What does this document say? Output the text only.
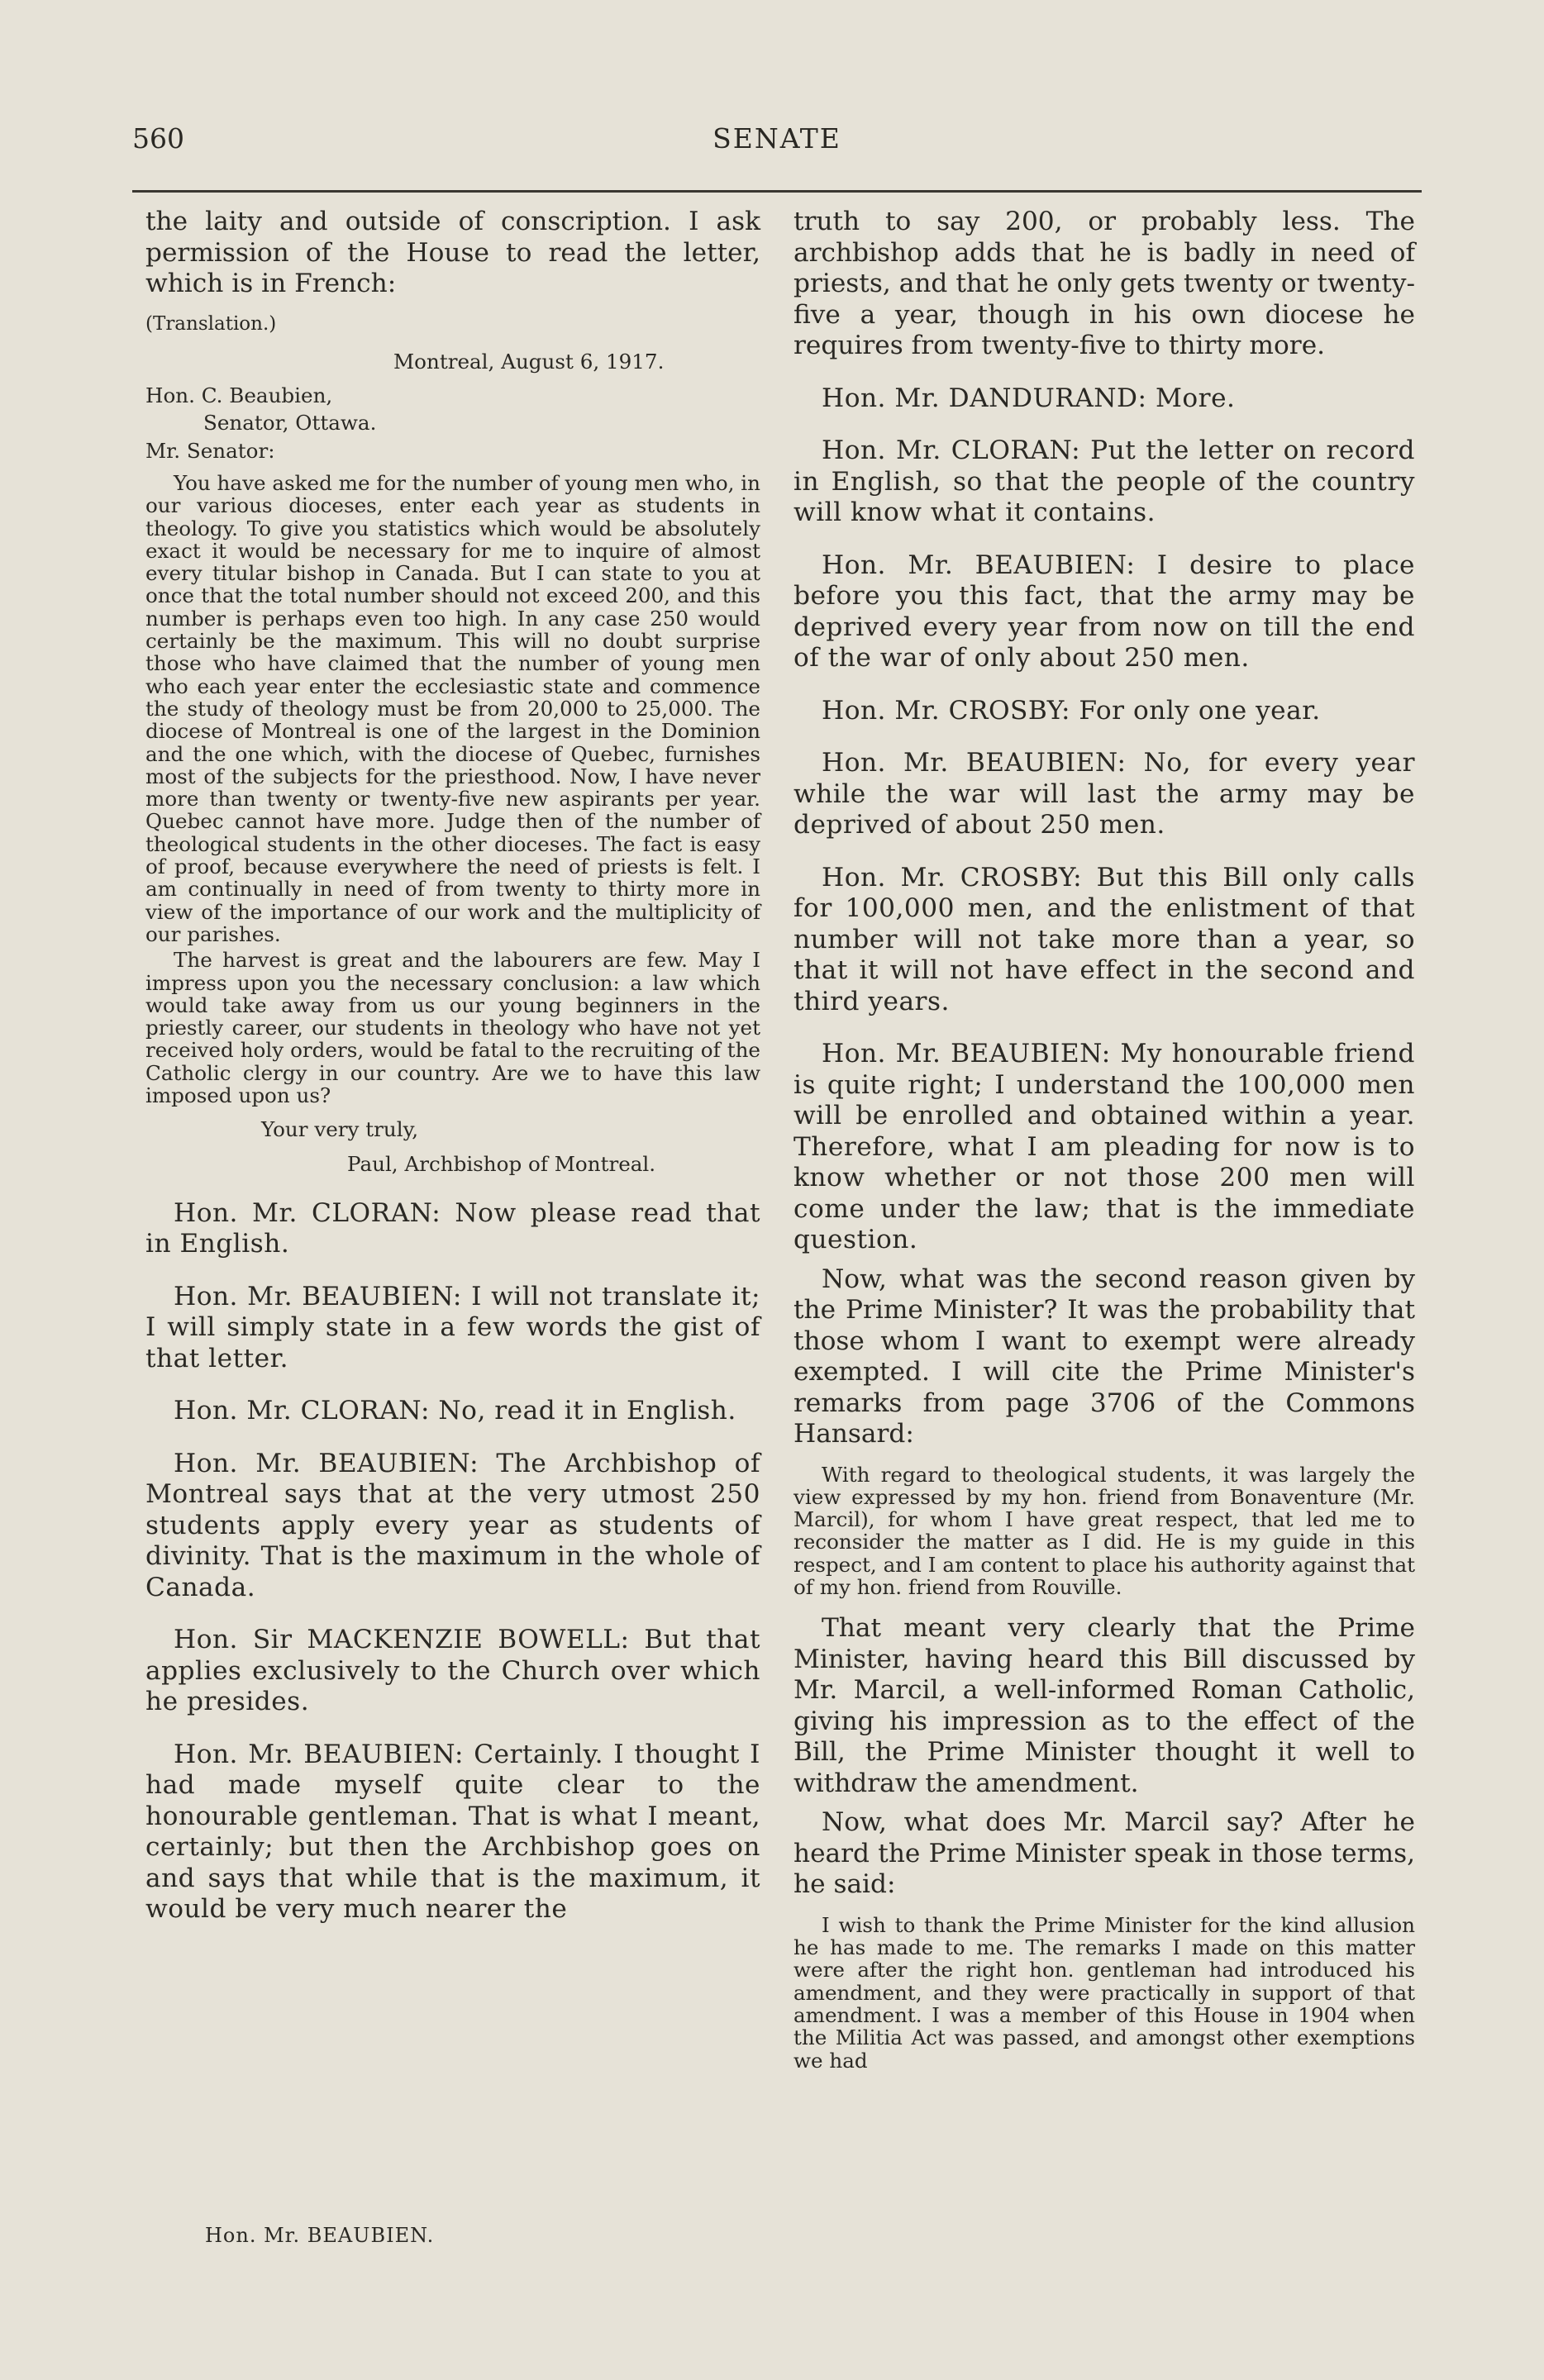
560	SENATE

the laity and outside of conscription. I ask permission of the House to read the letter, which is in French:

(Translation.)

Montreal, August 6, 1917.

Hon. C. Beaubien,

Senator, Ottawa.

Mr. Senator:

You have asked me for the number of young men who, in our various dioceses, enter each year as students in theology. To give you statistics which would be absolutely exact it would be necessary for me to inquire of almost every titular bishop in Canada. But I can state to you at once that the total number should not exceed 200, and this number is perhaps even too high. In any case 250 would certainly be the maximum. This will no doubt surprise those who have claimed that the number of young men who each year enter the ecclesiastic state and commence the study of theology must be from 20,000 to 25,000. The diocese of Montreal is one of the largest in the Dominion and the one which, with the diocese of Quebec, furnishes most of the subjects for the priesthood. Now, I have never more than twenty or twenty-five new aspirants per year. Quebec cannot have more. Judge then of the number of theological students in the other dioceses. The fact is easy of proof, because everywhere the need of priests is felt. I am continually in need of from twenty to thirty more in view of the importance of our work and the multiplicity of our parishes.

The harvest is great and the labourers are few. May I impress upon you the necessary conclusion: a law which would take away from us our young beginners in the priestly career, our students in theology who have not yet received holy orders, would be fatal to the recruiting of the Catholic clergy in our country. Are we to have this law imposed upon us?

Your very truly,

Paul, Archbishop of Montreal.

Hon. Mr. CLORAN: Now please read that in English.

Hon. Mr. BEAUBIEN: I will not translate it; I will simply state in a few words the gist of that letter.

Hon. Mr. CLORAN: No, read it in English.

Hon. Mr. BEAUBIEN: The Archbishop of Montreal says that at the very utmost 250 students apply every year as students of divinity. That is the maximum in the whole of Canada.

Hon. Sir MACKENZIE BOWELL: But that applies exclusively to the Church over which he presides.

Hon. Mr. BEAUBIEN: Certainly. I thought I had made myself quite clear to the honourable gentleman. That is what I meant, certainly; but then the Archbishop goes on and says that while that is the maximum, it would be very much nearer the

truth to say 200, or probably less. The archbishop adds that he is badly in need of priests, and that he only gets twenty or twenty-five a year, though in his own diocese he requires from twenty-five to thirty more.

Hon. Mr. DANDURAND: More.

Hon. Mr. CLORAN: Put the letter on record in English, so that the people of the country will know what it contains.

Hon. Mr. BEAUBIEN: I desire to place before you this fact, that the army may be deprived every year from now on till the end of the war of only about 250 men.

Hon. Mr. CROSBY: For only one year.

Hon. Mr. BEAUBIEN: No, for every year while the war will last the army may be deprived of about 250 men.

Hon. Mr. CROSBY: But this Bill only calls for 100,000 men, and the enlistment of that number will not take more than a year, so that it will not have effect in the second and third years.

Hon. Mr. BEAUBIEN: My honourable friend is quite right; I understand the 100,000 men will be enrolled and obtained within a year. Therefore, what I am pleading for now is to know whether or not those 200 men will come under the law; that is the immediate question.

Now, what was the second reason given by the Prime Minister? It was the probability that those whom I want to exempt were already exempted. I will cite the Prime Minister's remarks from page 3706 of the Commons Hansard:

With regard to theological students, it was largely the view expressed by my hon. friend from Bonaventure (Mr. Marcil), for whom I have great respect, that led me to reconsider the matter as I did. He is my guide in this respect, and I am content to place his authority against that of my hon. friend from Rouville.

That meant very clearly that the Prime Minister, having heard this Bill discussed by Mr. Marcil, a well-informed Roman Catholic, giving his impression as to the effect of the Bill, the Prime Minister thought it well to withdraw the amendment.

Now, what does Mr. Marcil say? After he heard the Prime Minister speak in those terms, he said:

I wish to thank the Prime Minister for the kind allusion he has made to me. The remarks I made on this matter were after the right hon. gentleman had introduced his amendment, and they were practically in support of that amendment. I was a member of this House in 1904 when the Militia Act was passed, and amongst other exemptions we had

Hon. Mr. BEAUBIEN.
